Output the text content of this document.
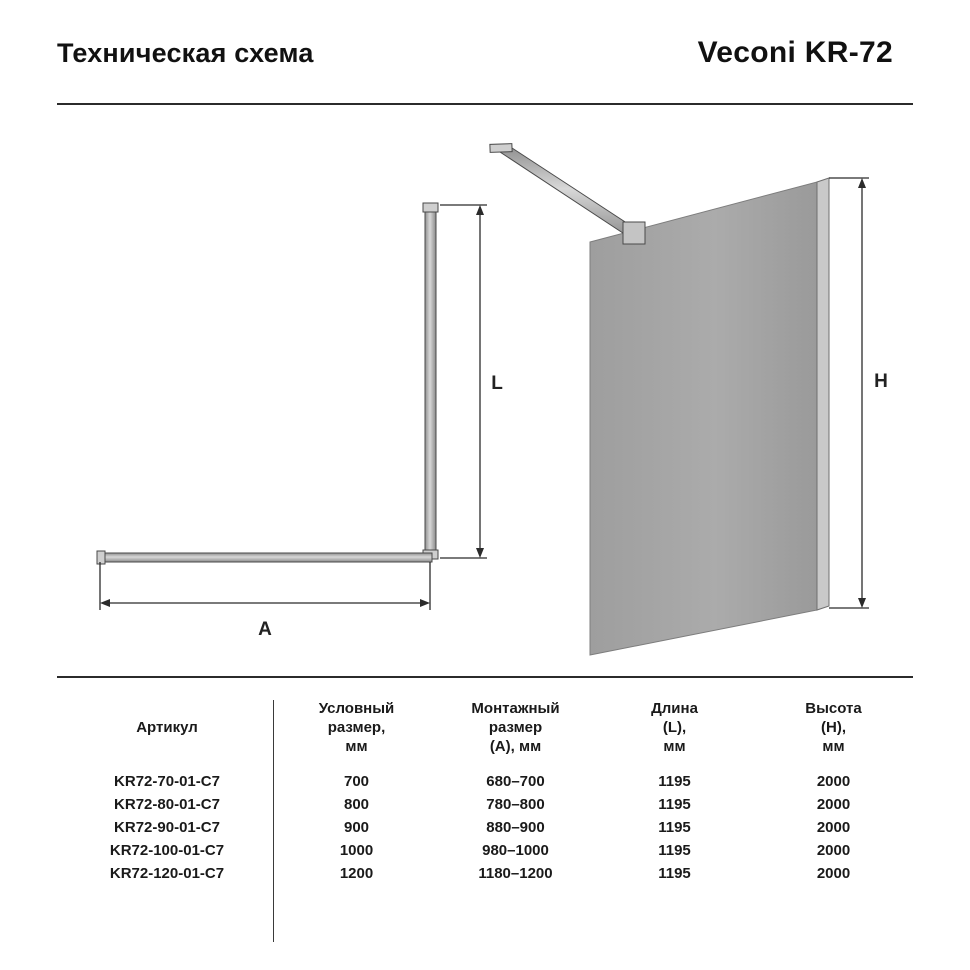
Техническая схема	Veconi KR-72
L
A
H
Артикул	
Условный
размер,
мм

Монтажный
размер
(A), мм

Длина
(L),
мм

Высота
(H),
мм

KR72-70-01-C7	700	680–700	1195	2000
KR72-80-01-C7	800	780–800	1195	2000
KR72-90-01-C7	900	880–900	1195	2000
KR72-100-01-C7	1000	980–1000	1195	2000
KR72-120-01-C7	1200	1180–1200	1195	2000
